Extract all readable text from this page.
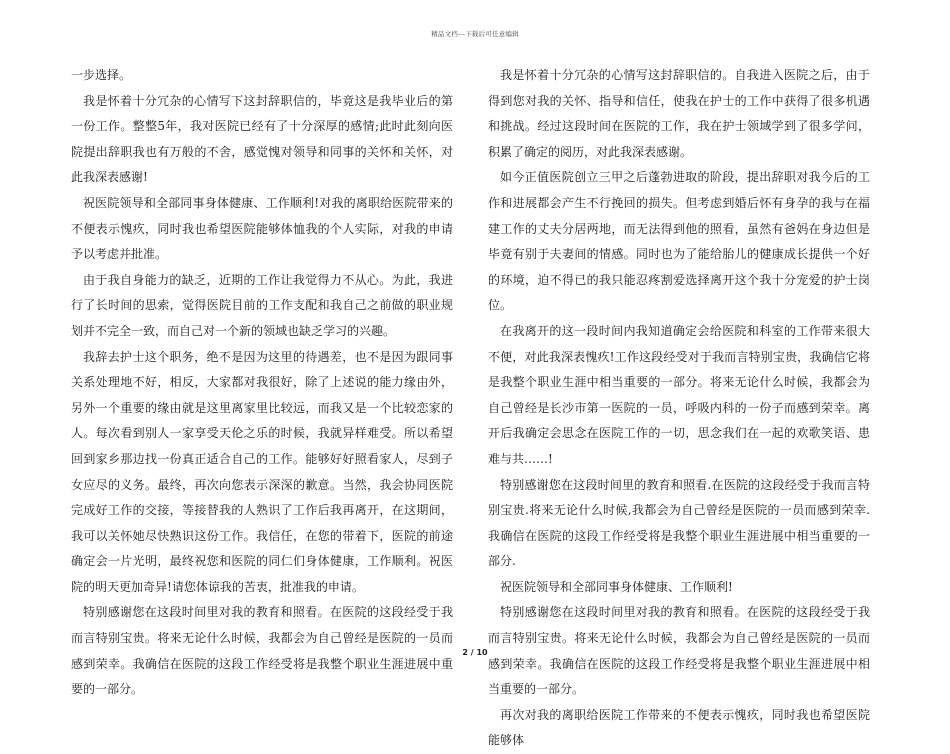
精品文档---下载后可任意编辑

一步选择。

我是怀着十分冗杂的心情写下这封辞职信的，毕竟这是我毕业后的第一份工作。整整5年，我对医院已经有了十分深厚的感情;此时此刻向医院提出辞职我也有万般的不舍，感觉愧对领导和同事的关怀和关怀，对此我深表感谢!

祝医院领导和全部同事身体健康、工作顺利!对我的离职给医院带来的不便表示愧疚，同时我也希望医院能够体恤我的个人实际，对我的申请予以考虑并批准。

由于我自身能力的缺乏，近期的工作让我觉得力不从心。为此，我进行了长时间的思索，觉得医院目前的工作支配和我自己之前做的职业规划并不完全一致，而自己对一个新的领域也缺乏学习的兴趣。

我辞去护士这个职务，绝不是因为这里的待遇差，也不是因为跟同事关系处理地不好，相反，大家都对我很好，除了上述说的能力缘由外，另外一个重要的缘由就是这里离家里比较远，而我又是一个比较恋家的人。每次看到别人一家享受天伦之乐的时候，我就异样难受。所以希望回到家乡那边找一份真正适合自己的工作。能够好好照看家人，尽到子女应尽的义务。最终，再次向您表示深深的歉意。当然，我会协同医院完成好工作的交接，等接替我的人熟识了工作后我再离开，在这期间，我可以关怀她尽快熟识这份工作。我信任，在您的带着下，医院的前途确定会一片光明，最终祝您和医院的同仁们身体健康，工作顺利。祝医院的明天更加奇异!请您体谅我的苦衷，批准我的申请。

特别感谢您在这段时间里对我的教育和照看。在医院的这段经受于我而言特别宝贵。将来无论什么时候，我都会为自己曾经是医院的一员而感到荣幸。我确信在医院的这段工作经受将是我整个职业生涯进展中重要的一部分。

我是怀着十分冗杂的心情写这封辞职信的。自我进入医院之后，由于得到您对我的关怀、指导和信任，使我在护士的工作中获得了很多机遇和挑战。经过这段时间在医院的工作，我在护士领域学到了很多学问，积累了确定的阅历，对此我深表感谢。

如今正值医院创立三甲之后蓬勃进取的阶段，提出辞职对我今后的工作和进展都会产生不行挽回的损失。但考虑到婚后怀有身孕的我与在福建工作的丈夫分居两地，而无法得到他的照看，虽然有爸妈在身边但是毕竟有别于夫妻间的情感。同时也为了能给胎儿的健康成长提供一个好的环境，迫不得已的我只能忍疼割爱选择离开这个我十分宠爱的护士岗位。

在我离开的这一段时间内我知道确定会给医院和科室的工作带来很大不便，对此我深表愧疚!工作这段经受对于我而言特别宝贵，我确信它将是我整个职业生涯中相当重要的一部分。将来无论什么时候，我都会为自己曾经是长沙市第一医院的一员，呼吸内科的一份子而感到荣幸。离开后我确定会思念在医院工作的一切，思念我们在一起的欢歌笑语、患难与共……!

特别感谢您在这段时间里的教育和照看.在医院的这段经受于我而言特别宝贵.将来无论什么时候,我都会为自己曾经是医院的一员而感到荣幸.我确信在医院的这段工作经受将是我整个职业生涯进展中相当重要的一部分.

祝医院领导和全部同事身体健康、工作顺利!

特别感谢您在这段时间里对我的教育和照看。在医院的这段经受于我而言特别宝贵。将来无论什么时候，我都会为自己曾经是医院的一员而感到荣幸。我确信在医院的这段工作经受将是我整个职业生涯进展中相当重要的一部分。

再次对我的离职给医院工作带来的不便表示愧疚，同时我也希望医院能够体

2 / 10
